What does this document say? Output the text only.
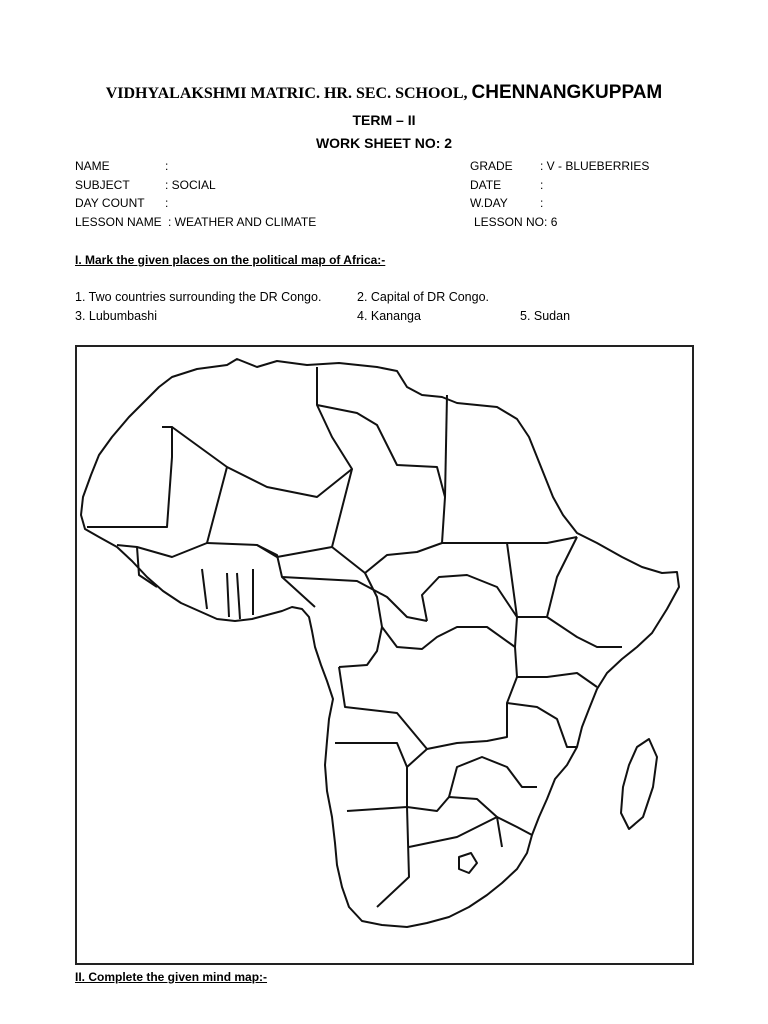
VIDHYALAKSHMI MATRIC. HR. SEC. SCHOOL, CHENNANGKUPPAM
TERM – II
WORK SHEET NO: 2
NAME	:
SUBJECT	: SOCIAL
DAY COUNT :
LESSON NAME : WEATHER AND CLIMATE
GRADE : V - BLUEBERRIES
DATE	:
W.DAY	:
LESSON NO: 6
I. Mark the given places on the political map of Africa:-
1. Two countries surrounding the DR Congo.	2. Capital of DR Congo.
3. Lubumbashi	4. Kananga	5. Sudan
II. Complete the given mind map:-
